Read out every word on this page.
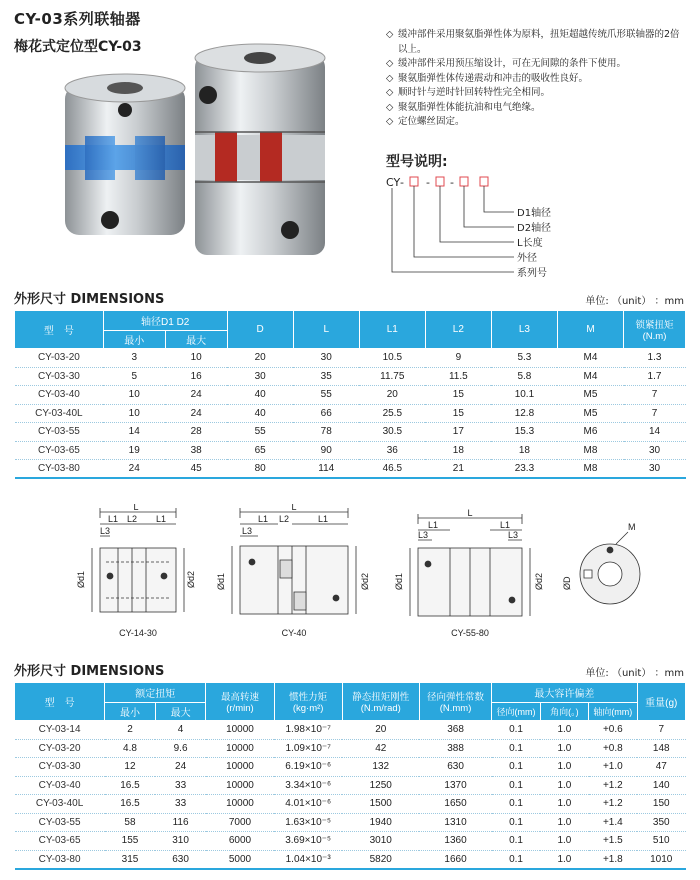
CY-03系列联轴器
梅花式定位型CY-03
◇ 缓冲部件采用聚氨脂弹性体为原料，扭矩超越传统爪形联轴器的2倍以上。
◇ 缓冲部件采用预压缩设计，可在无间隙的条件下使用。
◇ 聚氨脂弹性体传递震动和冲击的吸收性良好。
◇ 顺时针与逆时针回转特性完全相同。
◇ 聚氨脂弹性体能抗油和电气绝缘。
◇ 定位螺丝固定。
型号说明:
CY - - -
D1轴径
D2轴径
L长度
外径
系列号
外形尺寸 DIMENSIONS	单位: （unit） ：mm
型　号	轴径D1 D2		D	L	L1	L2	L3	M	锁紧扭矩(N.m)
	最小	最大							
CY-03-20	3	10	20	30	10.5	9	5.3	M4	1.3
CY-03-30	5	16	30	35	11.75	11.5	5.8	M4	1.7
CY-03-40	10	24	40	55	20	15	10.1	M5	7
CY-03-40L	10	24	40	66	25.5	15	12.8	M5	7
CY-03-55	14	28	55	78	30.5	17	15.3	M6	14
CY-03-65	19	38	65	90	36	18	18	M8	30
CY-03-80	24	45	80	114	46.5	21	23.3	M8	30
L
L1 L2 L1
L3
Ød1	Ød2
CY-14-30
L
L1 L2	L1
L3
Ød1	Ød2
CY-40
L
L1	L1
L3	L3
Ød1	Ød2
CY-55-80
M
ØD
外形尺寸 DIMENSIONS	单位: （unit） ：mm
型　号	额定扭矩		最高转速(r/min)	惯性力矩(kg·m²)	静态扭矩刚性(N.m/rad)	径向弹性常数(N.mm)	最大容许偏差			重量(g)
	最小	最大					径向(mm)	角向(。)	轴向(mm)	
CY-03-14	2	4	10000	1.98×10⁻⁷	20	368	0.1	1.0	+0.6	7
CY-03-20	4.8	9.6	10000	1.09×10⁻⁷	42	388	0.1	1.0	+0.8	148
CY-03-30	12	24	10000	6.19×10⁻⁶	132	630	0.1	1.0	+1.0	47
CY-03-40	16.5	33	10000	3.34×10⁻⁶	1250	1370	0.1	1.0	+1.2	140
CY-03-40L	16.5	33	10000	4.01×10⁻⁶	1500	1650	0.1	1.0	+1.2	150
CY-03-55	58	116	7000	1.63×10⁻⁵	1940	1310	0.1	1.0	+1.4	350
CY-03-65	155	310	6000	3.69×10⁻⁵	3010	1360	0.1	1.0	+1.5	510
CY-03-80	315	630	5000	1.04×10⁻³	5820	1660	0.1	1.0	+1.8	1010
